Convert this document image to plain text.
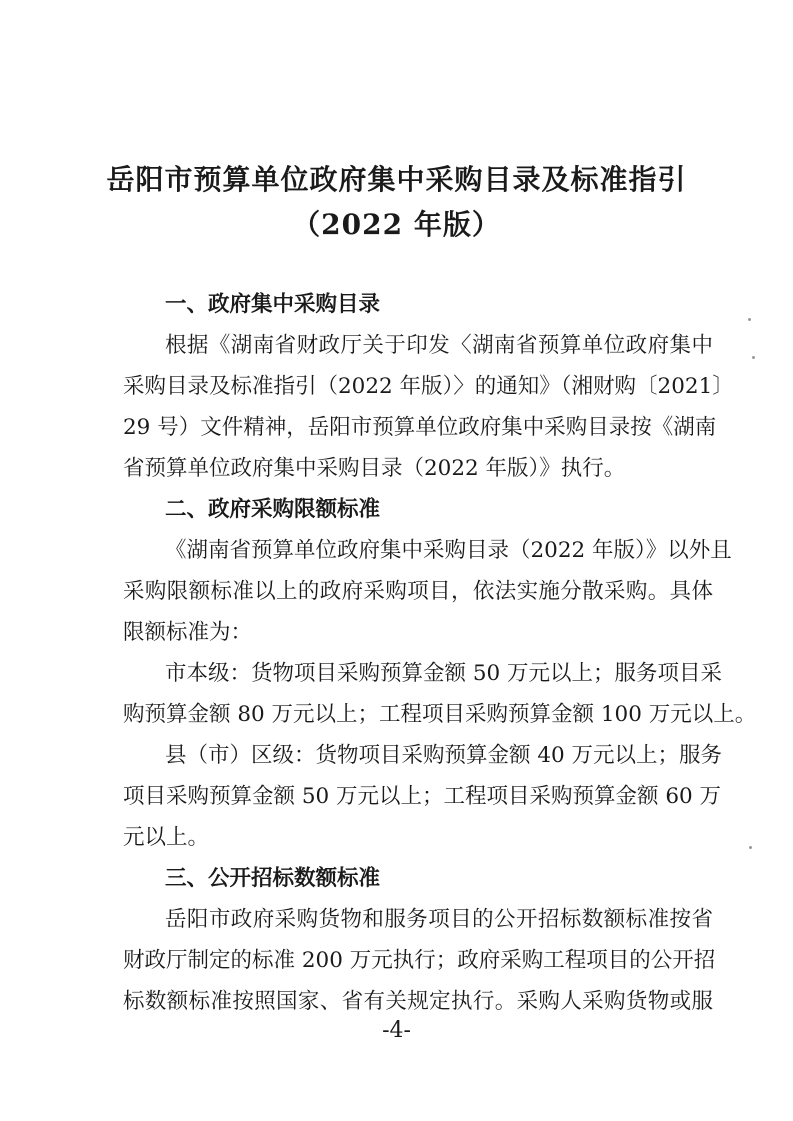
岳阳市预算单位政府集中采购目录及标准指引
（2022 年版）
一、政府集中采购目录
根据《湖南省财政厅关于印发〈湖南省预算单位政府集中
采购目录及标准指引（2022 年版）〉的通知》（湘财购〔2021〕
29 号）文件精神，岳阳市预算单位政府集中采购目录按《湖南
省预算单位政府集中采购目录（2022 年版）》执行。
二、政府采购限额标准
《湖南省预算单位政府集中采购目录（2022 年版）》以外且
采购限额标准以上的政府采购项目，依法实施分散采购。具体
限额标准为：
市本级：货物项目采购预算金额 50 万元以上；服务项目采
购预算金额 80 万元以上；工程项目采购预算金额 100 万元以上。
县（市）区级：货物项目采购预算金额 40 万元以上；服务
项目采购预算金额 50 万元以上；工程项目采购预算金额 60 万
元以上。
三、公开招标数额标准
岳阳市政府采购货物和服务项目的公开招标数额标准按省
财政厅制定的标准 200 万元执行；政府采购工程项目的公开招
标数额标准按照国家、省有关规定执行。采购人采购货物或服
-4-
